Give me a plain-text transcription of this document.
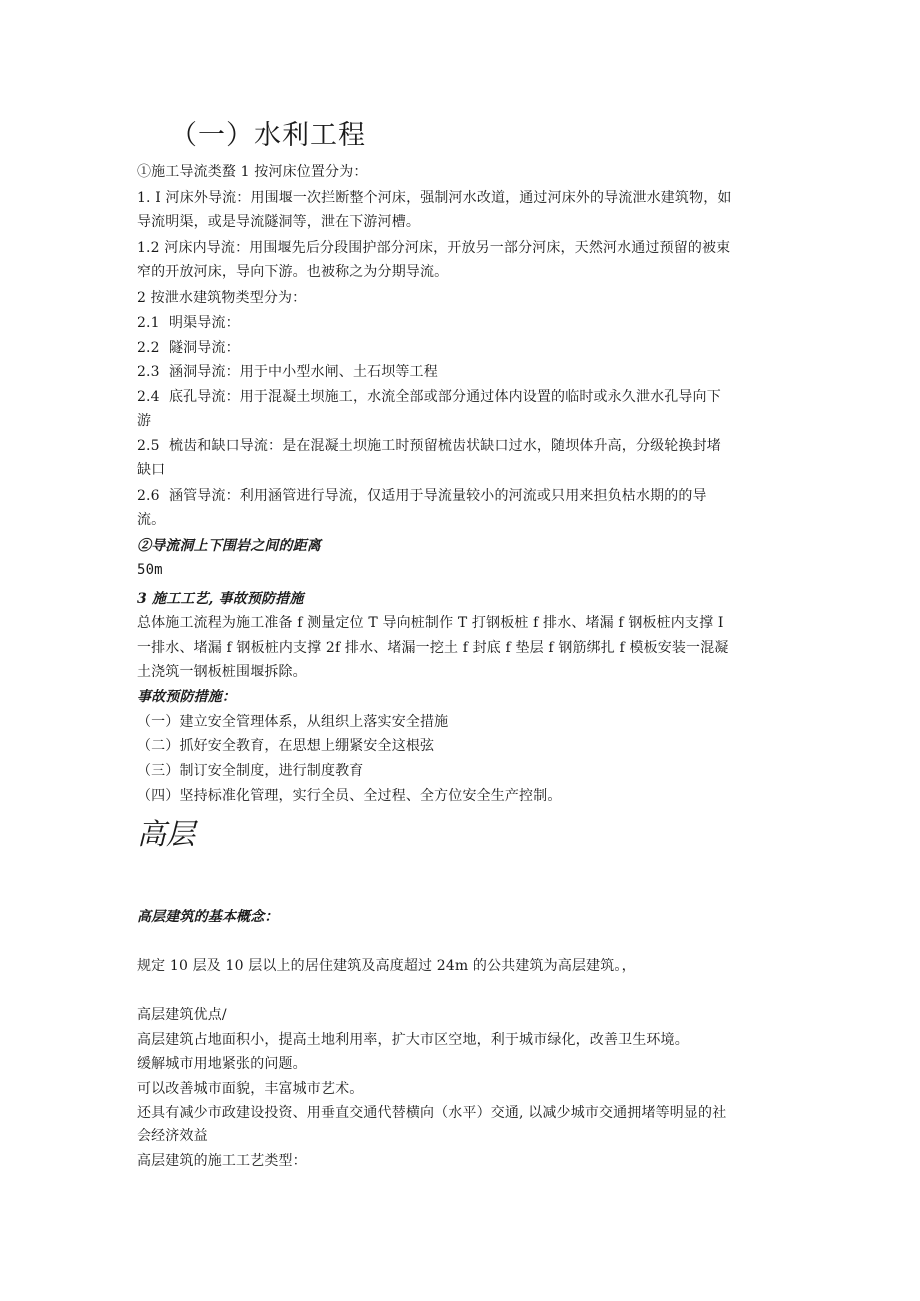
（一）水利工程
①施工导流类蝥 1 按河床位置分为：
1. I 河床外导流：用围堰一次拦断整个河床，强制河水改道，通过河床外的导流泄水建筑物，如
导流明渠，或是导流隧洞等，泄在下游河槽。
1.2 河床内导流：用围堰先后分段围护部分河床，开放另一部分河床，天然河水通过预留的被束
窄的开放河床，导向下游。也被称之为分期导流。
2 按泄水建筑物类型分为：
2.1 明渠导流：
2.2 隧洞导流：
2.3 涵洞导流：用于中小型水闸、土石坝等工程
2.4 底孔导流：用于混凝土坝施工，水流全部或部分通过体内设置的临时或永久泄水孔导向下
游
2.5 梳齿和缺口导流：是在混凝土坝施工时预留梳齿状缺口过水，随坝体升高，分级轮换封堵
缺口
2.6 涵管导流：利用涵管进行导流，仅适用于导流量较小的河流或只用来担负枯水期的的导
流。
②导流洞上下围岩之间的距离
50m
3 施工工艺, 事故预防措施
总体施工流程为施工准备 f 测量定位 T 导向桩制作 T 打钢板桩 f 排水、堵漏 f 钢板桩内支撑 I
一排水、堵漏 f 钢板桩内支撑 2f 排水、堵漏一挖土 f 封底 f 垫层 f 钢筋绑扎 f 模板安装一混凝
土浇筑一钢板桩围堰拆除。
事故预防措施：
（一）建立安全管理体系，从组织上落实安全措施
（二）抓好安全教育，在思想上绷紧安全这根弦
（三）制订安全制度，进行制度教育
（四）坚持标准化管理，实行全员、全过程、全方位安全生产控制。
高层
高层建筑的基本概念：
规定 10 层及 10 层以上的居住建筑及高度超过 24m 的公共建筑为高层建筑。，
高层建筑优点/
高层建筑占地面积小，提高土地利用率，扩大市区空地，利于城市绿化，改善卫生环境。
缓解城市用地紧张的问题。
可以改善城市面貌，丰富城市艺术。
还具有减少市政建设投资、用垂直交通代替横向（水平）交通, 以减少城市交通拥堵等明显的社
会经济效益
高层建筑的施工工艺类型：
